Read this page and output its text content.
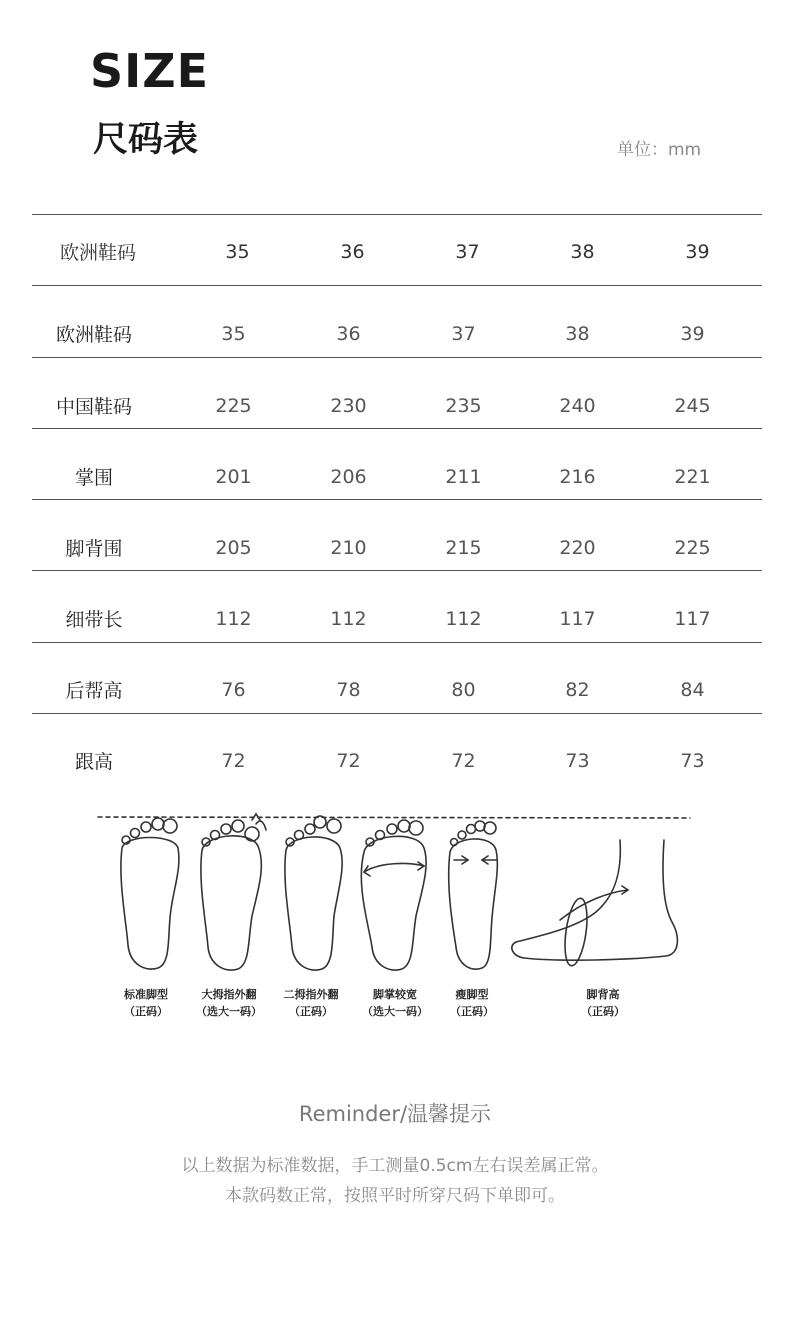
SIZE
尺码表	单位：mm
欧洲鞋码	35	36	37	38	39
欧洲鞋码	35	36	37	38	39
中国鞋码	225	230	235	240	245
掌围	201	206	211	216	221
脚背围	205	210	215	220	225
细带长	112	112	112	117	117
后帮高	76	78	80	82	84
跟高	72	72	72	73	73
标准脚型
（正码）
大拇指外翻
（选大一码）
二拇指外翻
（正码）
脚掌较宽
（选大一码）
瘦脚型
（正码）
脚背高
（正码）
Reminder/温馨提示
以上数据为标准数据，手工测量0.5cm左右误差属正常。
本款码数正常，按照平时所穿尺码下单即可。
